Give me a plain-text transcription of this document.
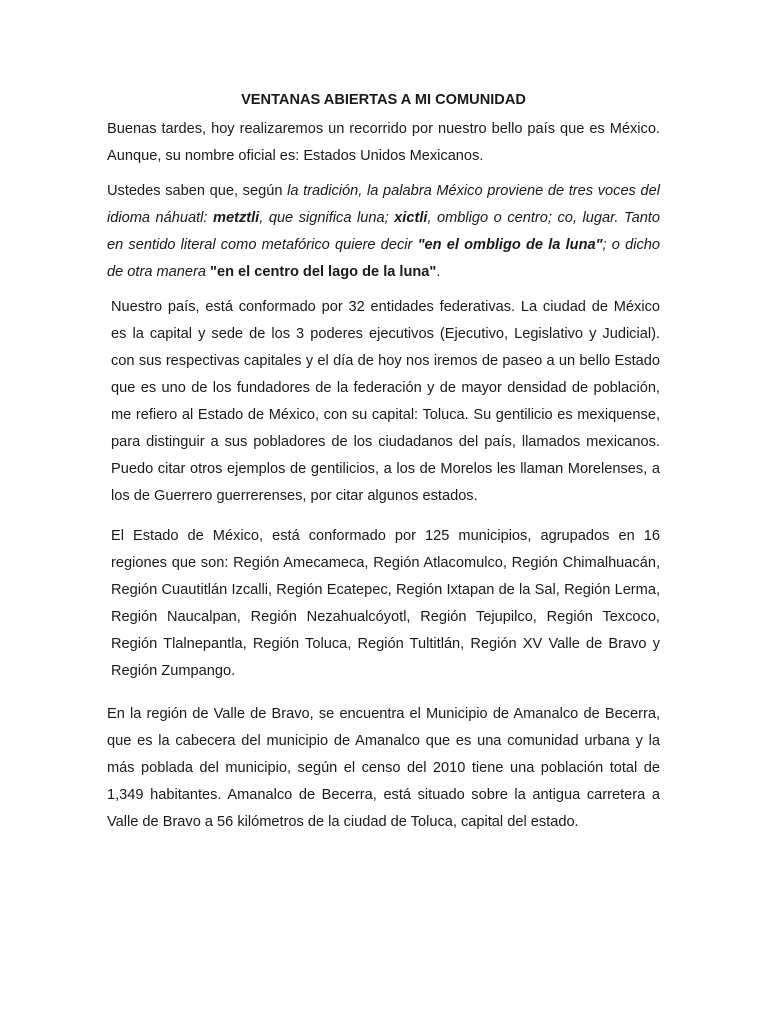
VENTANAS ABIERTAS A MI COMUNIDAD

Buenas tardes, hoy realizaremos un recorrido por nuestro bello país que es México. Aunque, su nombre oficial es: Estados Unidos Mexicanos.

Ustedes saben que, según la tradición, la palabra México proviene de tres voces del idioma náhuatl: metztli, que significa luna; xictli, ombligo o centro; co, lugar. Tanto en sentido literal como metafórico quiere decir "en el ombligo de la luna"; o dicho de otra manera "en el centro del lago de la luna".

Nuestro país, está conformado por 32 entidades federativas. La ciudad de México es la capital y sede de los 3 poderes ejecutivos (Ejecutivo, Legislativo y Judicial). con sus respectivas capitales y el día de hoy nos iremos de paseo a un bello Estado que es uno de los fundadores de la federación y de mayor densidad de población, me refiero al Estado de México, con su capital: Toluca. Su gentilicio es mexiquense, para distinguir a sus pobladores de los ciudadanos del país, llamados mexicanos. Puedo citar otros ejemplos de gentilicios, a los de Morelos les llaman Morelenses, a los de Guerrero guerrerenses, por citar algunos estados.

El Estado de México, está conformado por 125 municipios, agrupados en 16 regiones que son: Región Amecameca, Región Atlacomulco, Región Chimalhuacán, Región Cuautitlán Izcalli, Región Ecatepec, Región Ixtapan de la Sal, Región Lerma, Región Naucalpan, Región Nezahualcóyotl, Región Tejupilco, Región Texcoco, Región Tlalnepantla, Región Toluca, Región Tultitlán, Región XV Valle de Bravo y Región Zumpango.

En la región de Valle de Bravo, se encuentra el Municipio de Amanalco de Becerra, que es la cabecera del municipio de Amanalco que es una comunidad urbana y la más poblada del municipio, según el censo del 2010 tiene una población total de 1,349 habitantes. Amanalco de Becerra, está situado sobre la antigua carretera a Valle de Bravo a 56 kilómetros de la ciudad de Toluca, capital del estado.
